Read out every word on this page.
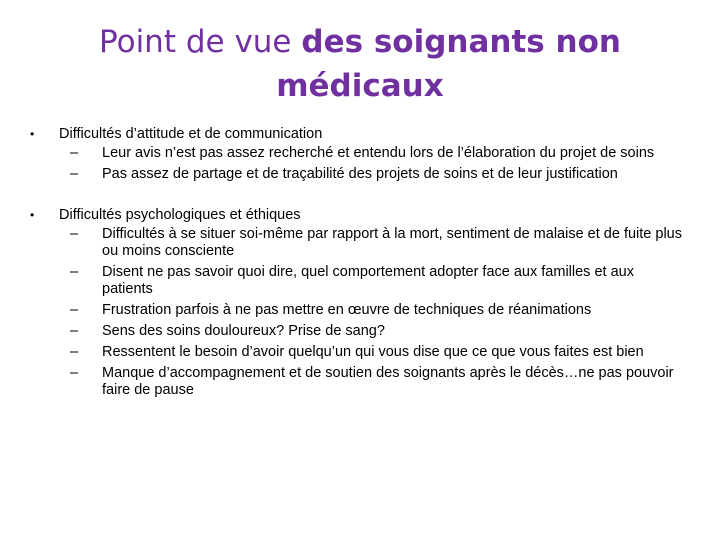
Point de vue des soignants non médicaux
• Difficultés d’attitude et de communication
– Leur avis n’est pas assez recherché et entendu lors de l’élaboration du projet de soins
– Pas assez de partage et de traçabilité des projets de soins et de leur justification
• Difficultés psychologiques et éthiques
– Difficultés à se situer soi-même par rapport à la mort, sentiment de malaise et de fuite plus ou moins consciente
– Disent ne pas savoir quoi dire, quel comportement adopter face aux familles et aux patients
– Frustration parfois à ne pas mettre en œuvre de techniques de réanimations
– Sens des soins douloureux? Prise de sang?
– Ressentent le besoin d’avoir quelqu’un qui vous dise que ce que vous faites est bien
– Manque d’accompagnement et de soutien des soignants après le décès…ne pas pouvoir faire de pause
